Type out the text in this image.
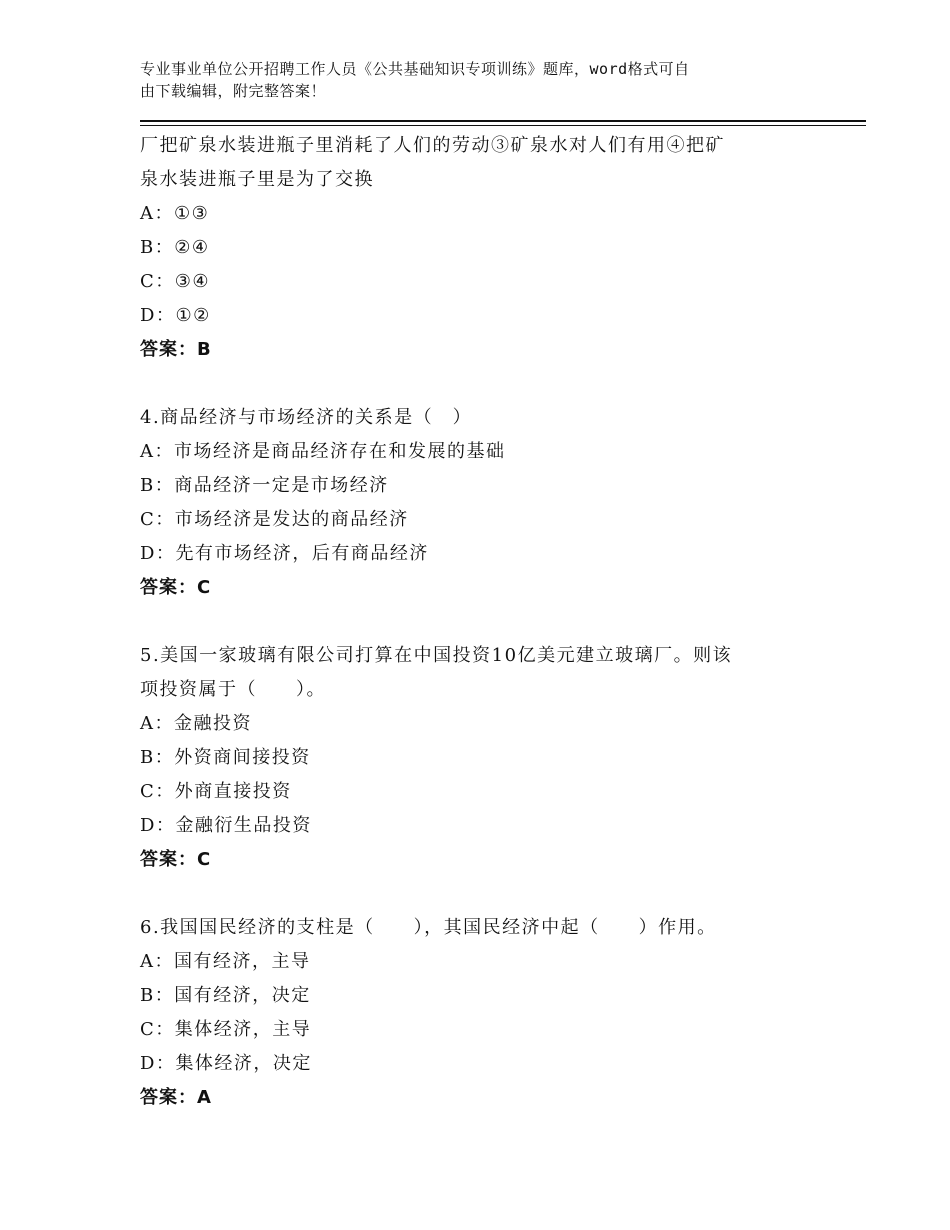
专业事业单位公开招聘工作人员《公共基础知识专项训练》题库，word格式可自
由下载编辑，附完整答案！
厂把矿泉水装进瓶子里消耗了人们的劳动③矿泉水对人们有用④把矿
泉水装进瓶子里是为了交换
A：①③
B：②④
C：③④
D：①②
答案：B
4.商品经济与市场经济的关系是（　）
A：市场经济是商品经济存在和发展的基础
B：商品经济一定是市场经济
C：市场经济是发达的商品经济
D：先有市场经济，后有商品经济
答案：C
5.美国一家玻璃有限公司打算在中国投资10亿美元建立玻璃厂。则该
项投资属于（　　）。
A：金融投资
B：外资商间接投资
C：外商直接投资
D：金融衍生品投资
答案：C
6.我国国民经济的支柱是（　　），其国民经济中起（　　）作用。
A：国有经济，主导
B：国有经济，决定
C：集体经济，主导
D：集体经济，决定
答案：A
